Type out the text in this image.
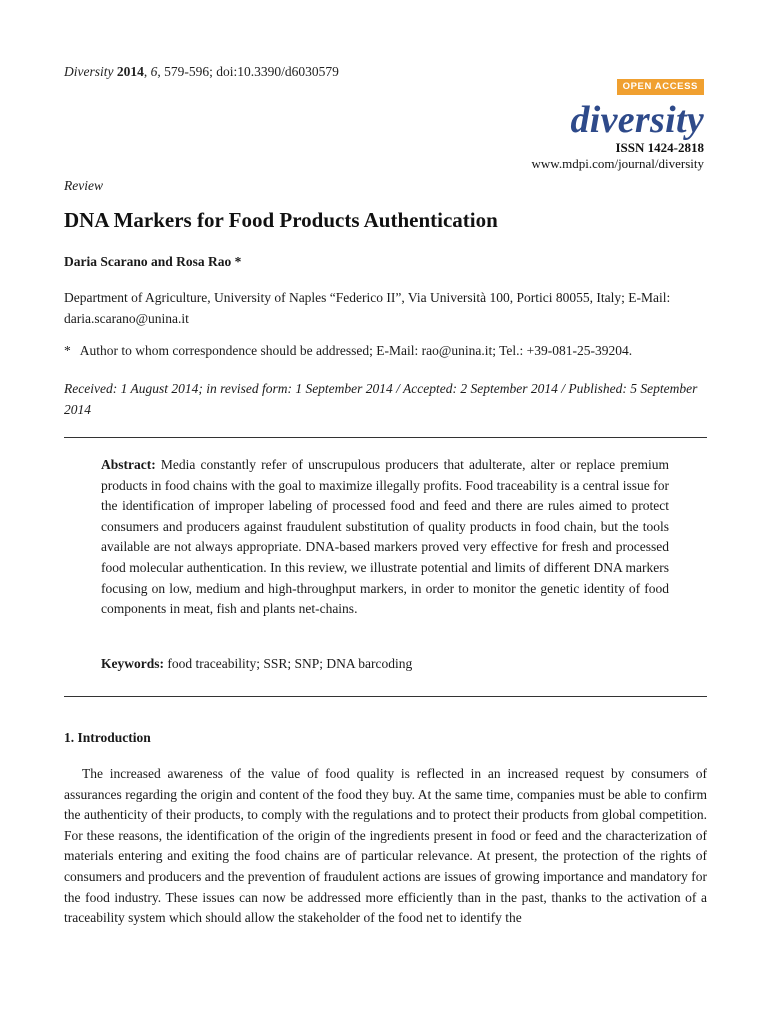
Diversity 2014, 6, 579-596; doi:10.3390/d6030579
OPEN ACCESS
diversity
ISSN 1424-2818
www.mdpi.com/journal/diversity
Review
DNA Markers for Food Products Authentication
Daria Scarano and Rosa Rao *
Department of Agriculture, University of Naples “Federico II”, Via Università 100, Portici 80055, Italy; E-Mail: daria.scarano@unina.it
* Author to whom correspondence should be addressed; E-Mail: rao@unina.it; Tel.: +39-081-25-39204.
Received: 1 August 2014; in revised form: 1 September 2014 / Accepted: 2 September 2014 / Published: 5 September 2014
Abstract: Media constantly refer of unscrupulous producers that adulterate, alter or replace premium products in food chains with the goal to maximize illegally profits. Food traceability is a central issue for the identification of improper labeling of processed food and feed and there are rules aimed to protect consumers and producers against fraudulent substitution of quality products in food chain, but the tools available are not always appropriate. DNA-based markers proved very effective for fresh and processed food molecular authentication. In this review, we illustrate potential and limits of different DNA markers focusing on low, medium and high-throughput markers, in order to monitor the genetic identity of food components in meat, fish and plants net-chains.
Keywords: food traceability; SSR; SNP; DNA barcoding
1. Introduction
The increased awareness of the value of food quality is reflected in an increased request by consumers of assurances regarding the origin and content of the food they buy. At the same time, companies must be able to confirm the authenticity of their products, to comply with the regulations and to protect their products from global competition. For these reasons, the identification of the origin of the ingredients present in food or feed and the characterization of materials entering and exiting the food chains are of particular relevance. At present, the protection of the rights of consumers and producers and the prevention of fraudulent actions are issues of growing importance and mandatory for the food industry. These issues can now be addressed more efficiently than in the past, thanks to the activation of a traceability system which should allow the stakeholder of the food net to identify the
